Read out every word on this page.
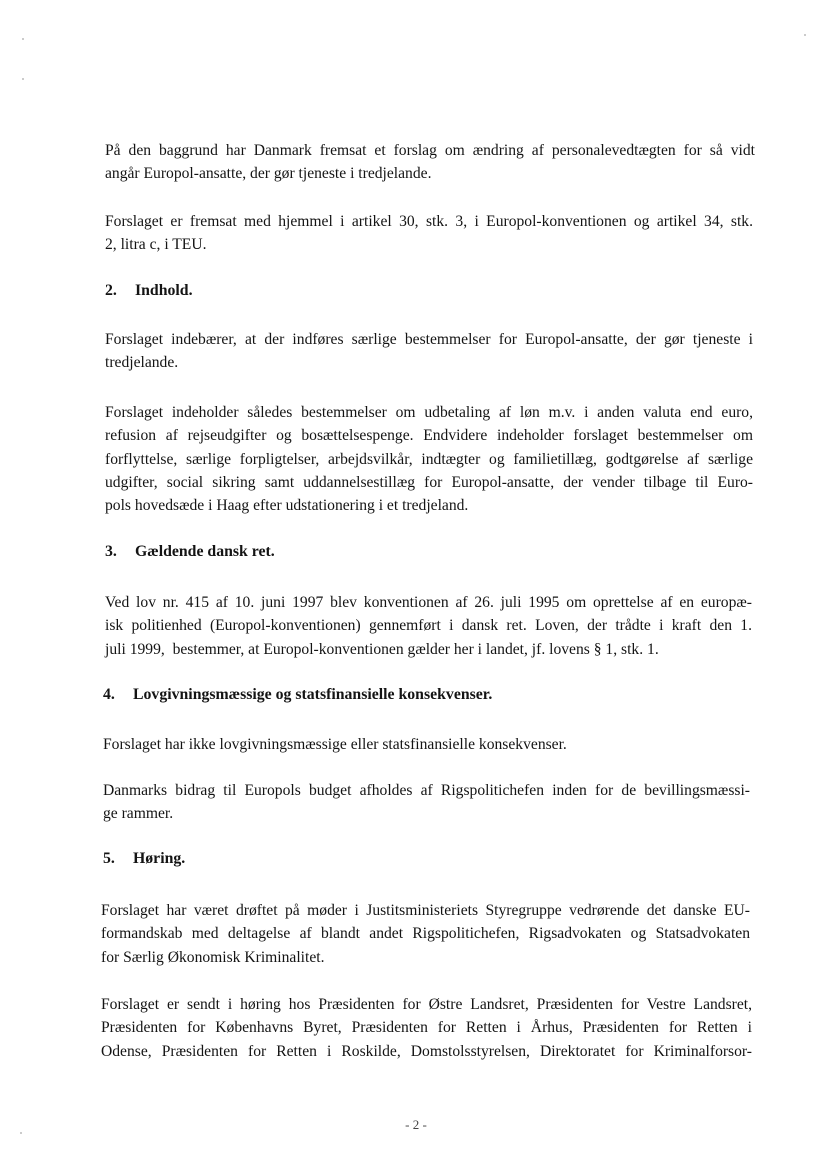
På den baggrund har Danmark fremsat et forslag om ændring af personalevedtægten for så vidt
angår Europol-ansatte, der gør tjeneste i tredjelande.
Forslaget er fremsat med hjemmel i artikel 30, stk. 3, i Europol-konventionen og artikel 34, stk.
2, litra c, i TEU.
2. Indhold.
Forslaget indebærer, at der indføres særlige bestemmelser for Europol-ansatte, der gør tjeneste i
tredjelande.
Forslaget indeholder således bestemmelser om udbetaling af løn m.v. i anden valuta end euro,
refusion af rejseudgifter og bosættelsespenge. Endvidere indeholder forslaget bestemmelser om
forflyttelse, særlige forpligtelser, arbejdsvilkår, indtægter og familietillæg, godtgørelse af særlige
udgifter, social sikring samt uddannelsestillæg for Europol-ansatte, der vender tilbage til Euro-
pols hovedsæde i Haag efter udstationering i et tredjeland.
3. Gældende dansk ret.
Ved lov nr. 415 af 10. juni 1997 blev konventionen af 26. juli 1995 om oprettelse af en europæ-
isk politienhed (Europol-konventionen) gennemført i dansk ret. Loven, der trådte i kraft den 1.
juli 1999,  bestemmer, at Europol-konventionen gælder her i landet, jf. lovens § 1, stk. 1.
4. Lovgivningsmæssige og statsfinansielle konsekvenser.
Forslaget har ikke lovgivningsmæssige eller statsfinansielle konsekvenser.
Danmarks bidrag til Europols budget afholdes af Rigspolitichefen inden for de bevillingsmæssi-
ge rammer.
5. Høring.
Forslaget har været drøftet på møder i Justitsministeriets Styregruppe vedrørende det danske EU-
formandskab med deltagelse af blandt andet Rigspolitichefen, Rigsadvokaten og Statsadvokaten
for Særlig Økonomisk Kriminalitet.
Forslaget er sendt i høring hos Præsidenten for Østre Landsret, Præsidenten for Vestre Landsret,
Præsidenten for Københavns Byret, Præsidenten for Retten i Århus, Præsidenten for Retten i
Odense, Præsidenten for Retten i Roskilde, Domstolsstyrelsen, Direktoratet for Kriminalforsor-
- 2 -
